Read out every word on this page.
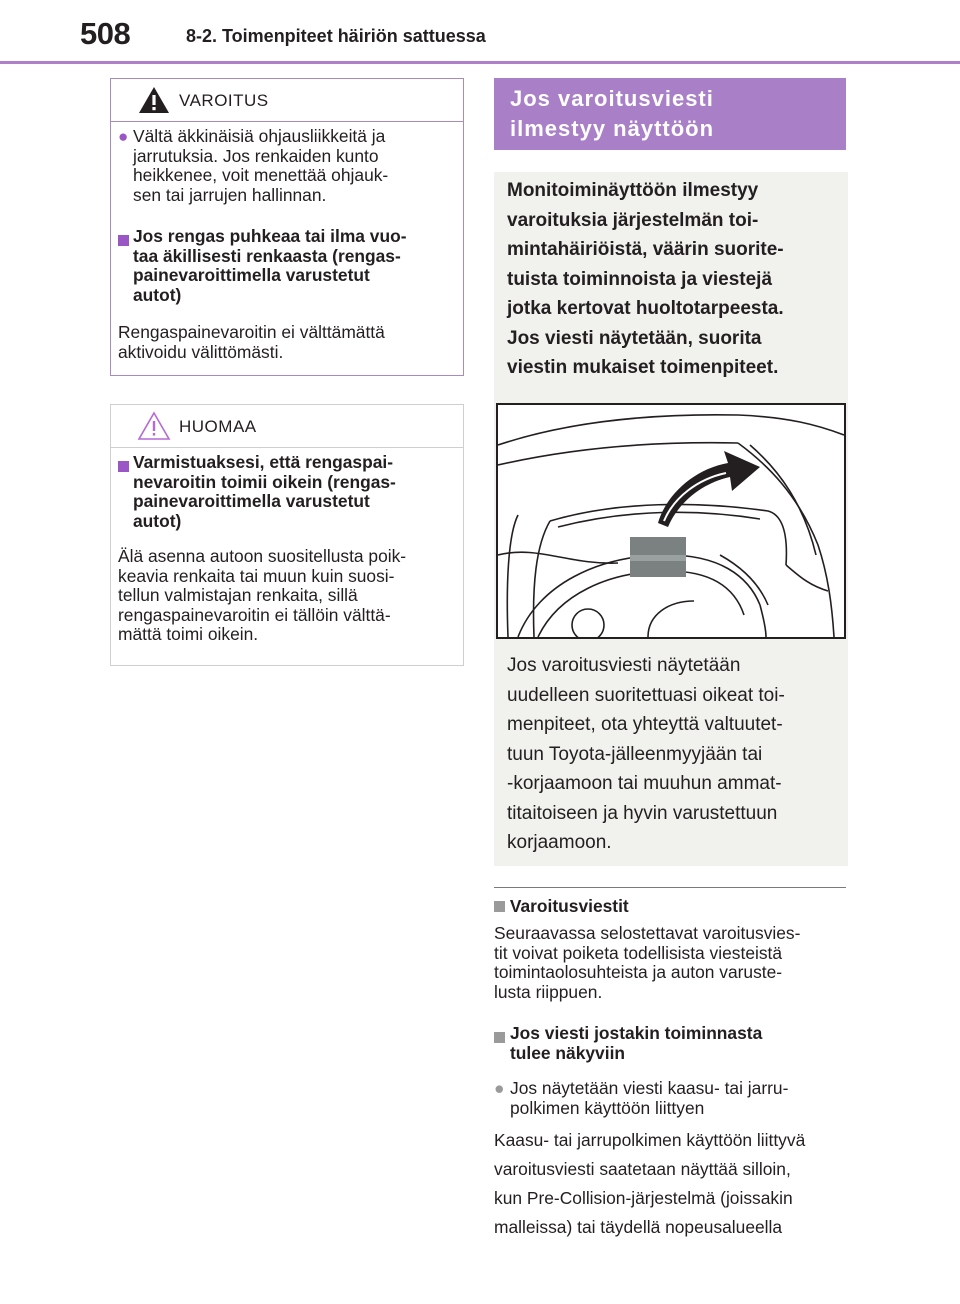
508	8-2. Toimenpiteet häiriön sattuessa
VAROITUS
● Vältä äkkinäisiä ohjausliikkeitä ja
jarrutuksia. Jos renkaiden kunto
heikkenee, voit menettää ohjauk-
sen tai jarrujen hallinnan.
Jos rengas puhkeaa tai ilma vuo-
taa äkillisesti renkaasta (rengas-
painevaroittimella varustetut
autot)
Rengaspainevaroitin ei välttämättä
aktivoidu välittömästi.
HUOMAA
Varmistuaksesi, että rengaspai-
nevaroitin toimii oikein (rengas-
painevaroittimella varustetut
autot)
Älä asenna autoon suositellusta poik-
keavia renkaita tai muun kuin suosi-
tellun valmistajan renkaita, sillä
rengaspainevaroitin ei tällöin välttä-
mättä toimi oikein.
Jos varoitusviesti
ilmestyy näyttöön
Monitoiminäyttöön ilmestyy
varoituksia järjestelmän toi-
mintahäiriöistä, väärin suorite-
tuista toiminnoista ja viestejä
jotka kertovat huoltotarpeesta.
Jos viesti näytetään, suorita
viestin mukaiset toimenpiteet.
Jos varoitusviesti näytetään
uudelleen suoritettuasi oikeat toi-
menpiteet, ota yhteyttä valtuutet-
tuun Toyota-jälleenmyyjään tai
-korjaamoon tai muuhun ammat-
titaitoiseen ja hyvin varustettuun
korjaamoon.
Varoitusviestit
Seuraavassa selostettavat varoitusvies-
tit voivat poiketa todellisista viesteistä
toimintaolosuhteista ja auton varuste-
lusta riippuen.
Jos viesti jostakin toiminnasta
tulee näkyviin
● Jos näytetään viesti kaasu- tai jarru-
polkimen käyttöön liittyen
Kaasu- tai jarrupolkimen käyttöön liittyvä
varoitusviesti saatetaan näyttää silloin,
kun Pre-Collision-järjestelmä (joissakin
malleissa) tai täydellä nopeusalueella
